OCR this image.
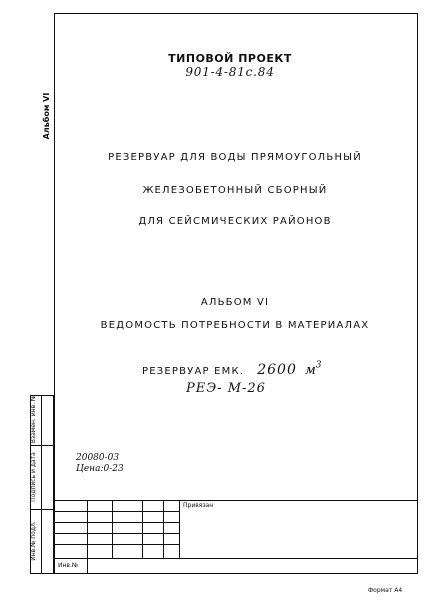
Альбом VI
ТИПОВОЙ ПРОЕКТ
901-4-81с.84
РЕЗЕРВУАР ДЛЯ ВОДЫ ПРЯМОУГОЛЬНЫЙ
ЖЕЛЕЗОБЕТОННЫЙ СБОРНЫЙ
ДЛЯ СЕЙСМИЧЕСКИХ РАЙОНОВ
АЛЬБОМ VI
ВЕДОМОСТЬ ПОТРЕБНОСТИ В МАТЕРИАЛАХ
РЕЗЕРВУАР ЕМК. 2600 $м^3$
РЕЭ- М-26
20080-03
Цена:0-23
Взамен. инв. №
Подпись и дата
Инв.№ подл.
Привязан
Инв.№
Формат А4
